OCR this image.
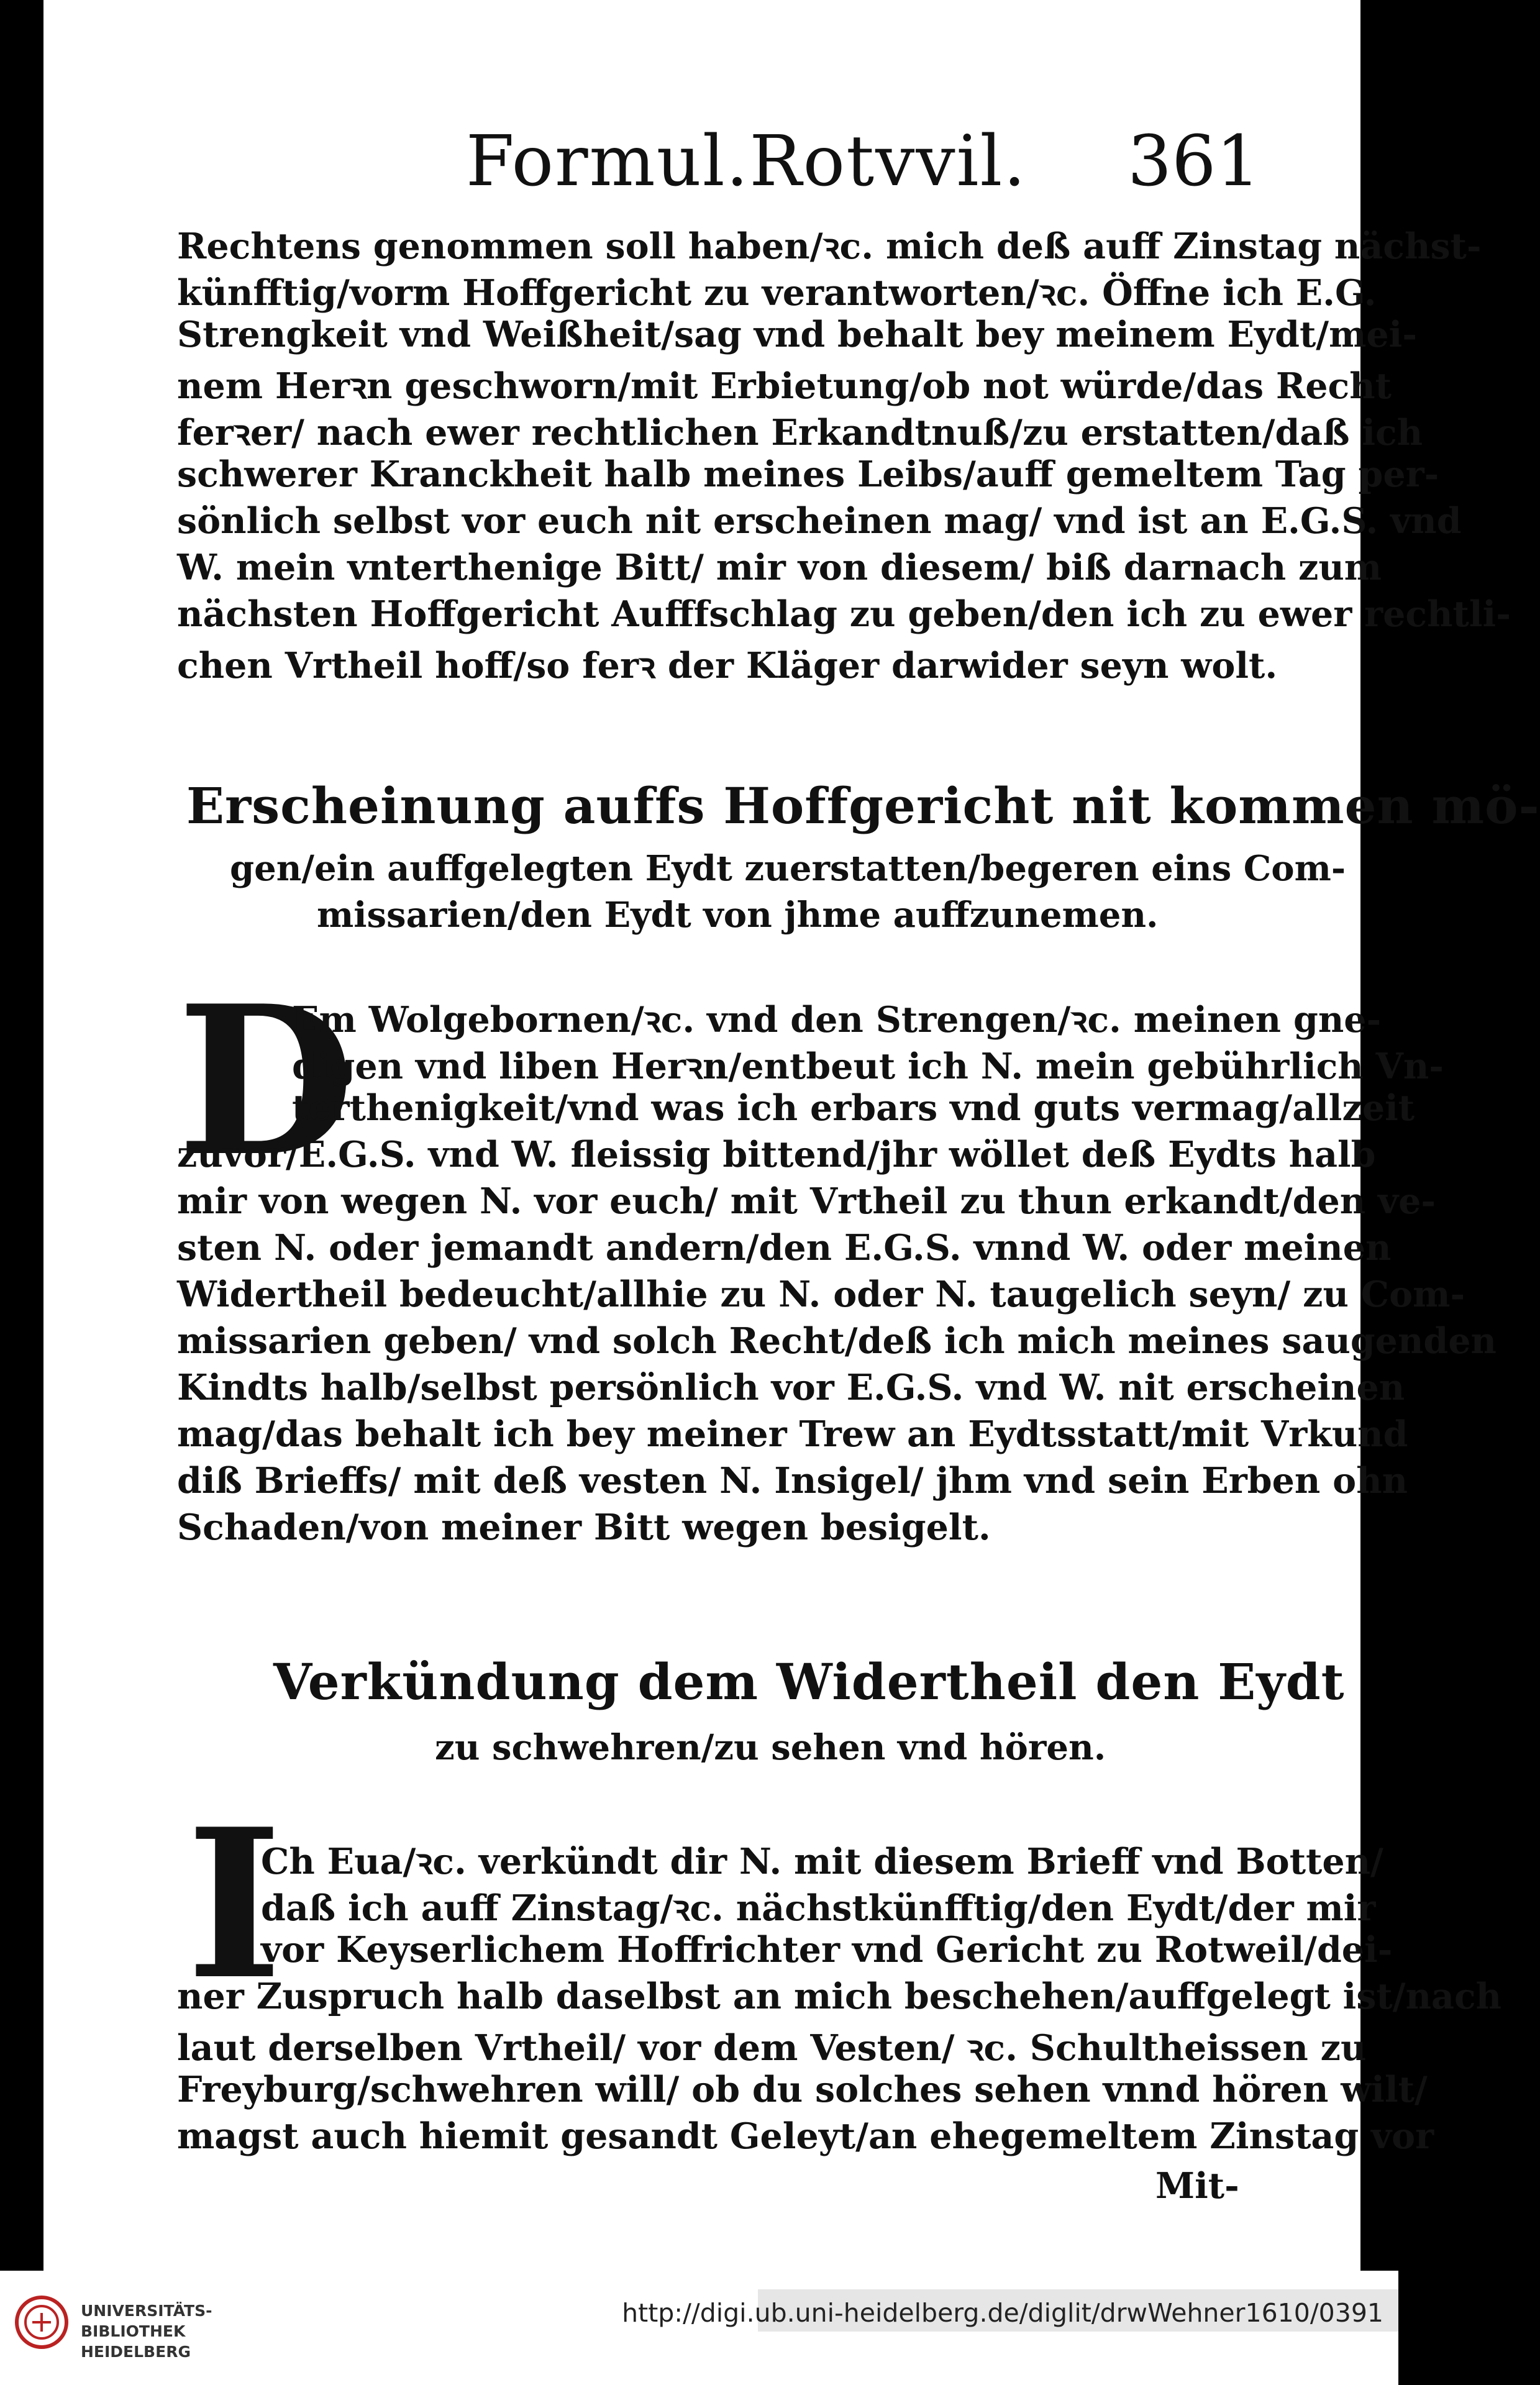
Formul.Rotvvil. 361
Rechtens genommen soll haben/ꝛc. mich deß auff Zinstag nächst-
künfftig/vorm Hoffgericht zu verantworten/ꝛc. Öffne ich E.G.
Strengkeit vnd Weißheit/sag vnd behalt bey meinem Eydt/mei-
nem Herꝛn geschworn/mit Erbietung/ob not würde/das Recht
ferꝛer/ nach ewer rechtlichen Erkandtnuß/zu erstatten/daß ich
schwerer Kranckheit halb meines Leibs/auff gemeltem Tag per-
sönlich selbst vor euch nit erscheinen mag/ vnd ist an E.G.S. vnd
W. mein vnterthenige Bitt/ mir von diesem/ biß darnach zum
nächsten Hoffgericht Aufffschlag zu geben/den ich zu ewer rechtli-
chen Vrtheil hoff/so ferꝛ der Kläger darwider seyn wolt.
Erscheinung auffs Hoffgericht nit kommen mö-
gen/ein auffgelegten Eydt zuerstatten/begeren eins Com-
missarien/den Eydt von jhme auffzunemen.
D
Em Wolgebornen/ꝛc. vnd den Strengen/ꝛc. meinen gne-
digen vnd liben Herꝛn/entbeut ich N. mein gebührlich Vn-
terthenigkeit/vnd was ich erbars vnd guts vermag/allzeit
zuvor/E.G.S. vnd W. fleissig bittend/jhr wöllet deß Eydts halb
mir von wegen N. vor euch/ mit Vrtheil zu thun erkandt/den ve-
sten N. oder jemandt andern/den E.G.S. vnnd W. oder meinen
Widertheil bedeucht/allhie zu N. oder N. taugelich seyn/ zu Com-
missarien geben/ vnd solch Recht/deß ich mich meines saugenden
Kindts halb/selbst persönlich vor E.G.S. vnd W. nit erscheinen
mag/das behalt ich bey meiner Trew an Eydtsstatt/mit Vrkund
diß Brieffs/ mit deß vesten N. Insigel/ jhm vnd sein Erben ohn
Schaden/von meiner Bitt wegen besigelt.
Verkündung dem Widertheil den Eydt
zu schwehren/zu sehen vnd hören.
I
Ch Eua/ꝛc. verkündt dir N. mit diesem Brieff vnd Botten/
daß ich auff Zinstag/ꝛc. nächstkünfftig/den Eydt/der mir
vor Keyserlichem Hoffrichter vnd Gericht zu Rotweil/dei-
ner Zuspruch halb daselbst an mich beschehen/auffgelegt ist/nach
laut derselben Vrtheil/ vor dem Vesten/ ꝛc. Schultheissen zu
Freyburg/schwehren will/ ob du solches sehen vnnd hören wilt/
magst auch hiemit gesandt Geleyt/an ehegemeltem Zinstag vor
Mit-
UNIVERSITÄTS-
BIBLIOTHEK
HEIDELBERG
http://digi.ub.uni-heidelberg.de/diglit/drwWehner1610/0391
